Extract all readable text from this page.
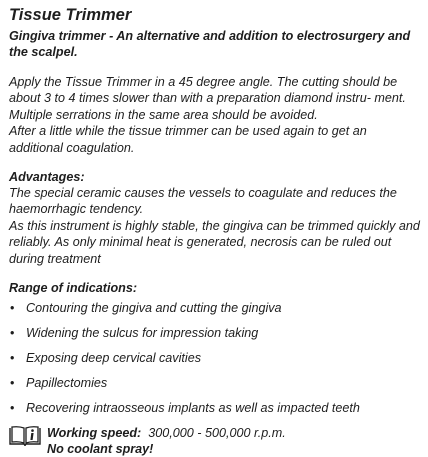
Tissue Trimmer
Gingiva trimmer - An alternative and addition to electrosurgery and the scalpel.

Apply the Tissue Trimmer in a 45 degree angle. The cutting should be about 3 to 4 times slower than with a preparation diamond instru- ment. Multiple serrations in the same area should be avoided.

After a little while the tissue trimmer can be used again to get an additional coagulation.

Advantages:

The special ceramic causes the vessels to coagulate and reduces the haemorrhagic tendency.

As this instrument is highly stable, the gingiva can be trimmed quickly and reliably. As only minimal heat is generated, necrosis can be ruled out during treatment

Range of indications:
• Contouring the gingiva and cutting the gingiva
• Widening the sulcus for impression taking
• Exposing deep cervical cavities
• Papillectomies
• Recovering intraosseous implants as well as impacted teeth
Working speed: 300,000 - 500,000 r.p.m.
No coolant spray!
